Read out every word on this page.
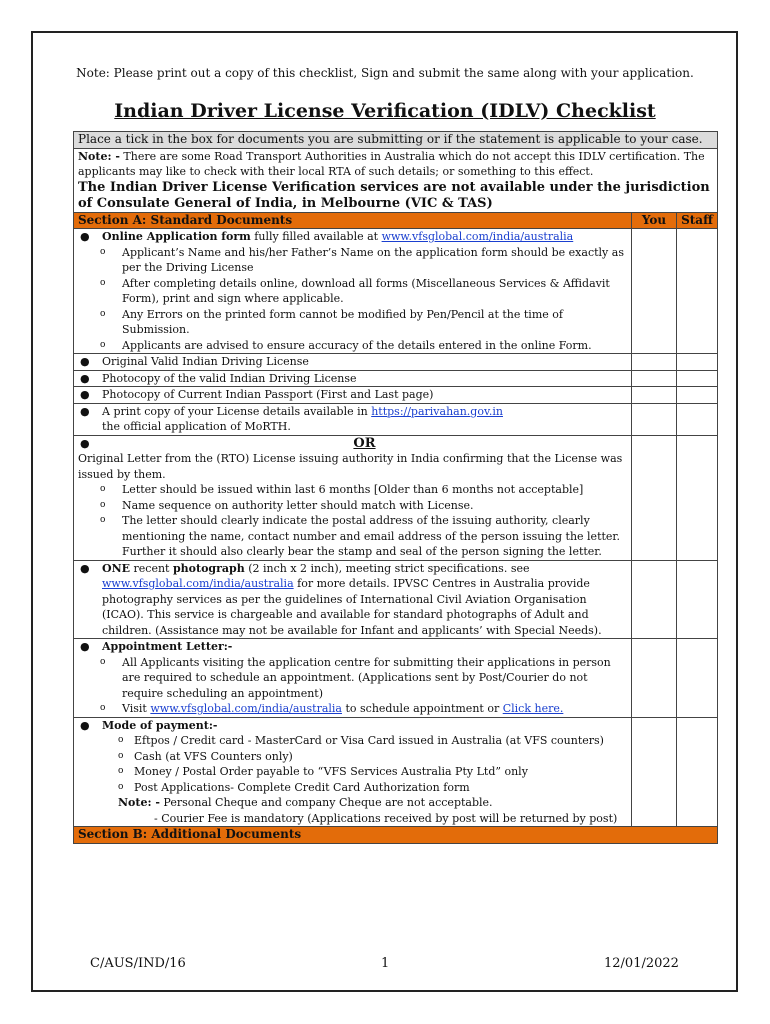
Note: Please print out a copy of this checklist, Sign and submit the same along with your application.
Indian Driver License Verification (IDLV) Checklist
Place a tick in the box for documents you are submitting or if the statement is applicable to your case.
Note: - There are some Road Transport Authorities in Australia which do not accept this IDLV certification. The applicants may like to check with their local RTA of such details; or something to this effect.
The Indian Driver License Verification services are not available under the jurisdiction of Consulate General of India, in Melbourne (VIC & TAS)
Section A: Standard Documents	You	Staff
●	Online Application form fully filled available at www.vfsglobal.com/india/australia
o	Applicant’s Name and his/her Father’s Name on the application form should be exactly as per the Driving License
o	After completing details online, download all forms (Miscellaneous Services & Affidavit Form), print and sign where applicable.
o	Any Errors on the printed form cannot be modified by Pen/Pencil at the time of Submission.
o	Applicants are advised to ensure accuracy of the details entered in the online Form.
●	Original Valid Indian Driving License
●	Photocopy of the valid Indian Driving License
●	Photocopy of Current Indian Passport (First and Last page)
●	A print copy of your License details available in https://parivahan.gov.in
the official application of MoRTH.
●	OR
Original Letter from the (RTO) License issuing authority in India confirming that the License was issued by them.
o	Letter should be issued within last 6 months [Older than 6 months not acceptable]
o	Name sequence on authority letter should match with License.
o	The letter should clearly indicate the postal address of the issuing authority, clearly mentioning the name, contact number and email address of the person issuing the letter. Further it should also clearly bear the stamp and seal of the person signing the letter.
●	ONE recent photograph (2 inch x 2 inch), meeting strict specifications. see www.vfsglobal.com/india/australia for more details. IPVSC Centres in Australia provide photography services as per the guidelines of International Civil Aviation Organisation (ICAO). This service is chargeable and available for standard photographs of Adult and children. (Assistance may not be available for Infant and applicants’ with Special Needs).
●	Appointment Letter:-
o	All Applicants visiting the application centre for submitting their applications in person are required to schedule an appointment. (Applications sent by Post/Courier do not require scheduling an appointment)
o	Visit www.vfsglobal.com/india/australia to schedule appointment or Click here.
●	Mode of payment:-
o Eftpos / Credit card - MasterCard or Visa Card issued in Australia (at VFS counters)
o Cash (at VFS Counters only)
o Money / Postal Order payable to “VFS Services Australia Pty Ltd” only
o Post Applications- Complete Credit Card Authorization form
Note: - Personal Cheque and company Cheque are not acceptable.
- Courier Fee is mandatory (Applications received by post will be returned by post)
Section B: Additional Documents
C/AUS/IND/16	1	12/01/2022
